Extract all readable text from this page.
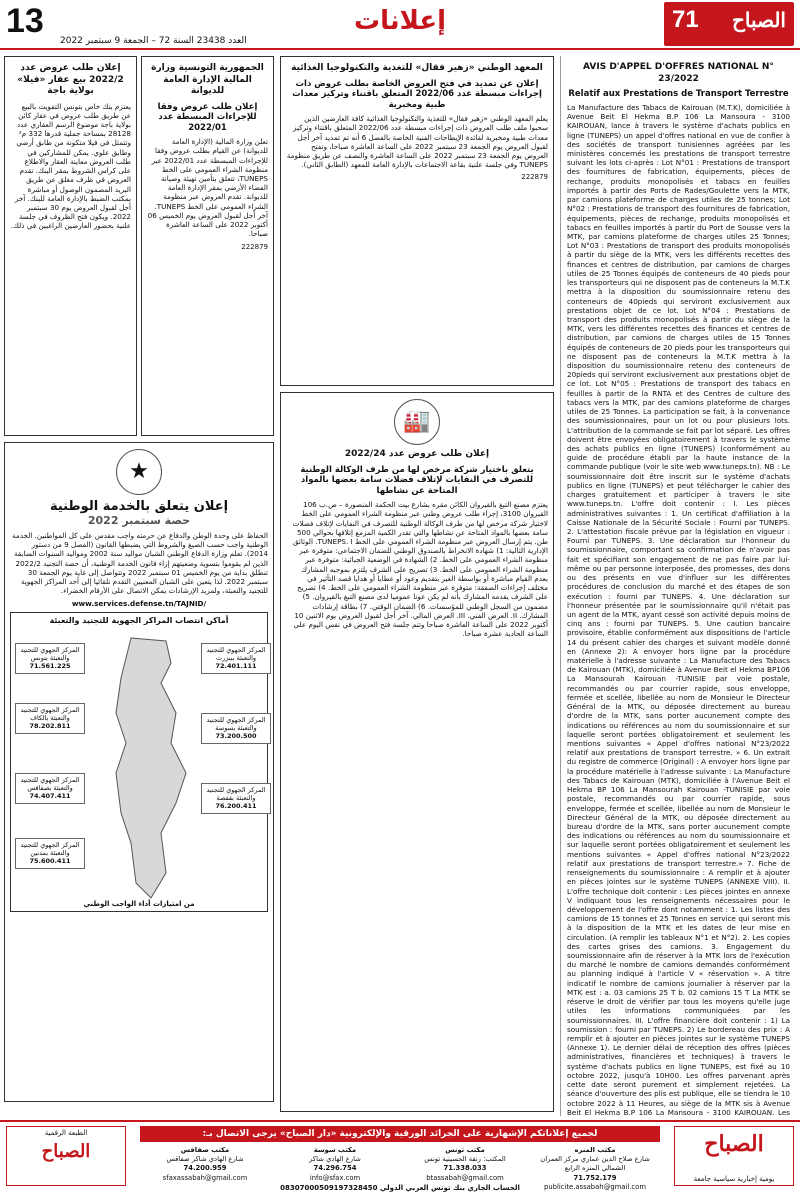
13
العدد 23438 السنة 72 – الجمعة 9 سبتمبر 2022
إعلانات	71 الصباح
AVIS D'APPEL D'OFFRES NATIONAL N° 23/2022
Relatif aux Prestations de Transport Terrestre

La Manufacture des Tabacs de Kairouan (M.T.K), domiciliée à Avenue Beit El Hekma B.P 106 La Mansoura - 3100 KAIROUAN, lance à travers le système d'achats publics en ligne (TUNEPS) un appel d'offres national en vue de confier à des sociétés de transport tunisiennes agréées par les ministères concernés les prestations de transport terrestre suivant les lots ci-après : Lot N°01 : Prestations de transport des fournitures de fabrication, équipements, pièces de rechange, produits monopolisés et tabacs en feuilles importés à partir des Ports de Rades/Goulette vers la MTK, par camions plateforme de charges utiles de 25 tonnes; Lot N°02 : Prestations de transport des fournitures de fabrication, équipements, pièces de rechange, produits monopolisés et tabacs en feuilles importés à partir du Port de Sousse vers la MTK, par camions plateforme de charges utiles 25 Tonnes; Lot N°03 : Prestations de transport des produits monopolisés à partir du siège de la MTK, vers les différents recettes des finances et centres de distribution, par camions de charges utiles de 25 Tonnes équipés de conteneurs de 40 pieds pour les transporteurs qui ne disposent pas de conteneurs la M.T.K mettra à la disposition du soumissionnaire retenu des conteneurs de 40pieds qui serviront exclusivement aux prestations objet de ce lot. Lot N°04 : Prestations de transport des produits monopolisés à partir du siège de la MTK, vers les différentes recettes des finances et centres de distribution, par camions de charges utiles de 15 Tonnes équipés de conteneurs de 20 pieds pour les transporteurs qui ne disposent pas de conteneurs la M.T.K mettra à la disposition du soumissionnaire retenu des conteneurs de 20pieds qui serviront exclusivement aux prestations objet de ce lot. Lot N°05 : Prestations de transport des tabacs en feuilles à partir de la RNTA et des Centres de culture des tabacs vers la MTK, par des camions plateforme de charges utiles de 25 Tonnes. La participation se fait, à la convenance des soumissionnaires, pour un lot ou pour plusieurs lots. L'attribution de la commande se fait par lot séparé. Les offres doivent être envoyées obligatoirement à travers le système des achats publics en ligne (TUNEPS) (conformément au guide de procédure établi par la haute instance de la commande publique (voir le site web www.tuneps.tn). NB : Le soumissionnaire doit être inscrit sur le système d'achats publics en ligne (TUNEPS) et peut télécharger le cahier des charges gratuitement et participer à travers le site www.tuneps.tn. L'offre doit contenir : I. Les pièces administratives suivantes : 1. Un certificat d'affiliation à la Caisse Nationale de la Sécurité Sociale : Fourni par TUNEPS. 2. L'attestation fiscale prévue par la législation en vigueur : Fourni par TUNEPS. 3. Une déclaration sur l'honneur du soumissionnaire, comportant sa confirmation de n'avoir pas fait et spécifiant son engagement de ne pas faire par lui-même ou par personne interposée, des promesses, des dons ou des présents en vue d'influer sur les différentes procédures de conclusion du marché et des étapes de son exécution : fourni par TUNEPS. 4. Une déclaration sur l'honneur présentée par le soumissionnaire qu'il n'était pas un agent de la MTK, ayant cessé son activité depuis moins de cinq ans : fourni par TUNEPS. 5. Une caution bancaire provisoire, établie conformément aux dispositions de l'article 14 du présent cahier des charges et suivant modèle donné en (Annexe 2): A envoyer hors ligne par la procédure matérielle à l'adresse suivante : La Manufacture des Tabacs de Kairouan (MTK), domiciliée à Avenue Beit el Hekma BP106 La Mansourah Kairouan -TUNISIE par voie postale, recommandés ou par courrier rapide, sous enveloppe, fermée et scellée, libellée au nom de Monsieur le Directeur Général de la MTK, ou déposée directement au bureau d'ordre de la MTK, sans porter aucunement compte des indications ou références au nom du soumissionnaire et sur laquelle seront portées obligatoirement et seulement les mentions suivantes « Appel d'offres national N°23/2022 relatif aux prestations de transport terrestre. » 6. Un extrait du registre de commerce (Original) : A envoyer hors ligne par la procédure matérielle à l'adresse suivante : La Manufacture des Tabacs de Kairouan (MTK), domiciliée à l'Avenue Beit el Hekma BP 106 La Mansourah Kairouan -TUNISIE par voie postale, recommandés ou par courrier rapide, sous enveloppe, fermée et scellée, libellée au nom de Monsieur le Directeur Général de la MTK, ou déposée directement au bureau d'ordre de la MTK, sans porter aucunement compte des indications ou références au nom du soumissionnaire et sur laquelle seront portées obligatoirement et seulement les mentions suivantes « Appel d'offres national N°23/2022 relatif aux prestations de transport terrestre.» 7. Fiche de renseignements du soumissionnaire : A remplir et à ajouter en pièces jointes sur le système TUNEPS (ANNEXE VIII). II. L'offre technique doit contenir : Les pièces jointes en annexe V indiquant tous les renseignements nécessaires pour le développement de l'offre dont notamment : 1. Les listes des camions de 15 tonnes et 25 Tonnes en service qui seront mis à la disposition de la MTK et les dates de leur mise en circulation. (A remplir les tableaux N°1 et N°2). 2. Les copies des cartes grises des camions. 3. Engagement du soumissionnaire afin de réserver à la MTK lors de l'exécution du marché le nombre de camions demandés conformément au planning indiqué à l'article V « réservation ». A titre indicatif le nombre de camions journalier à réserver par la MTK est : a. 03 camions 25 T b. 02 camions 15 T La MTK se réserve le droit de vérifier par tous les moyens qu'elle juge utiles les informations communiquées par les soumissionnaires. III. L'offre financière doit contenir : 1) La soumission : fourni par TUNEPS. 2) Le bordereau des prix : A remplir et à ajouter en pièces jointes sur le système TUNEPS (Annexe 1). Le dernier délai de réception des offres (pièces administratives, financières et techniques) à travers le système d'achats publics en ligne TUNEPS, est fixé au 10 octobre 2022, jusqu'à 10H00. Les offres parvenant après cette date seront purement et simplement rejetées. La séance d'ouverture des plis est publique, elle se tiendra le 10 octobre 2022 à 11 Heures, au siège de la MTK sis à Avenue Beit El Hekma B.P 106 La Mansoura - 3100 KAIROUAN. Les

المعهد الوطني «زهير فقال» للتغذية والتكنولوجيا الغذائية
إعلان عن تمديد في فتح العروض الخاصة بطلب عروض ذات إجراءات مبسطة عدد 2022/06 المتعلق باقتناء وتركيز معدات طبية ومخبرية

يعلم المعهد الوطني «زهير فقال» للتغذية والتكنولوجيا الغذائية كافة العارضين الذين سحبوا ملف طلب العروض ذات إجراءات مبسطة عدد 2022/06 المتعلق باقتناء وتركيز معدات طبية ومخبرية لفائدة الإيطاحات الفنية الخاصة بالفصل 6 أنه تم تمديد آخر أجل لقبول العروض يوم الجمعة 23 سبتمبر 2022 على الساعة العاشرة صباحا، وتفتح العروض يوم الجمعة 23 سبتمبر 2022 على الساعة العاشرة والنصف عن طريق منظومة TUNEPS وفي جلسة علنية بقاعة الاجتماعات بالإدارة العامة للمعهد (الطابق الثاني).

222879

🏭
إعلان طلب عروض عدد 2022/24
يتعلق باختيار شركة مرخص لها من طرف الوكالة الوطنية للتصرف في النفايات لإتلاف فضلات سامة بعضها بالمواد المتاحة عن نشاطها

يعتزم مصنع التبغ بالقيروان الكائن مقره بشارع بيت الحكمة المنصورة – ص.ب 106 القيروان 3100، إجراء طلب عروض وطني عبر منظومة الشراء العمومي على الخط لاختيار شركة مرخص لها من طرف الوكالة الوطنية للتصرف في النفايات لإتلاف فضلات سامة بعضها بالمواد المتاحة عن نشاطها والتي تقدر الكمية المزمع إتلافها بحوالي 500 طن. يتم إرسال العروض عبر منظومة الشراء العمومي على الخط TUNEPS. I. الوثائق الإدارية التالية: 1) شهادة الانخراط بالصندوق الوطني للضمان الاجتماعي: متوفرة عبر منظومة الشراء العمومي على الخط. 2) الشهادة في الوضعية الجبائية: متوفرة عبر منظومة الشراء العمومي على الخط. 3) تصريح على الشرف يلتزم بموجبه المشارك بعدم القيام مباشرة أو بواسطة الغير بتقديم وعود أو عطايا أو هدايا قصد التأثير في مختلف إجراءات الصفقة: متوفرة عبر منظومة الشراء العمومي على الخط. 4) تصريح على الشرف يقدمه المشارك بأنه لم يكن عونا عموميا لدى مصنع التبغ بالقيروان. 5) مضمون من السجل الوطني للمؤسسات. 6) الضمان الوقتي. 7) بطاقة إرشادات المشارك. II. العرض الفني. III. العرض المالي. آخر أجل لقبول العروض يوم الاثنين 10 أكتوبر 2022 على الساعة العاشرة صباحا وتتم جلسة فتح العروض في نفس اليوم على الساعة الحادية عشرة صباحا.

الجمهورية التونسية وزارة المالية الإدارة العامة للديوانة
إعلان طلب عروض وفقا للإجراءات المبسطة عدد 2022/01

تعلن وزارة المالية (الإدارة العامة للديوانة) عن القيام بطلب عروض وفقا للإجراءات المبسطة عدد 2022/01 عبر منظومة الشراء العمومي على الخط TUNEPS، تتعلق بتأمين تهيئة وصيانة الفضاء الأرضي بمقر الإدارة العامة للديوانة. تقدم العروض عبر منظومة الشراء العمومي على الخط TUNEPS. آخر أجل لقبول العروض يوم الخميس 06 أكتوبر 2022 على الساعة العاشرة صباحا.

222879

إعلان طلب عروض عدد 2022/2 بيع عقار «فيلا» بولاية باجة

يعتزم بنك خاص بتونس التفويت بالبيع عن طريق طلب عروض في عقار كائن بولاية باجة موضوع الرسم العقاري عدد 28128 بمساحة جملية قدرها 332 م² وتتمثل في فيلا متكونة من طابق أرضي وطابق علوي. يمكن للمشاركين في طلب العروض معاينة العقار والاطلاع على كراس الشروط بمقر البنك. تقدم العروض في ظرف مغلق عن طريق البريد المضمون الوصول أو مباشرة بمكتب الضبط بالإدارة العامة للبنك. آخر أجل لقبول العروض يوم 30 سبتمبر 2022. ويكون فتح الظروف في جلسة علنية بحضور العارضين الراغبين في ذلك.

★
إعلان يتعلق بالخدمة الوطنية
حصة سبتمبر 2022

الحفاظ على وحدة الوطن والدفاع عن حرمته واجب مقدس على كل المواطنين. الخدمة الوطنية واجب حسب الصيغ والشروط التي يضبطها القانون (الفصل 9 من دستور 2014). تعلم وزارة الدفاع الوطني الشبان مواليد سنة 2002 ومواليد السنوات السابقة الذين لم يقوموا بتسوية وضعيتهم إزاء قانون الخدمة الوطنية، أن حصة التجنيد 2022/2 تنطلق بداية من يوم الخميس 01 سبتمبر 2022 وتتواصل إلى غاية يوم الجمعة 30 سبتمبر 2022. لذا يتعين على الشبان المعنيين التقدم تلقائيا إلى أحد المراكز الجهوية للتجنيد والتعبئة، ولمزيد الإرشادات يمكن الاتصال على الأرقام الخضراء.

www.services.defense.tn/TAJNID/

أماكن انتصاب المراكز الجهوية للتجنيد والتعبئة
المركز الجهوي للتجنيد والتعبئة بتونس
71.561.225
المركز الجهوي للتجنيد والتعبئة ببنزرت
72.401.111
المركز الجهوي للتجنيد والتعبئة بالكاف
78.202.811
المركز الجهوي للتجنيد والتعبئة بسوسة
73.200.500
المركز الجهوي للتجنيد والتعبئة بصفاقس
74.407.411
المركز الجهوي للتجنيد والتعبئة بقفصة
76.200.411
المركز الجهوي للتجنيد والتعبئة بمدنين
75.600.411
من امتيازات أداء الواجب الوطني
لجميع إعلاناتكم الإشهارية على الجرائد الورقية والإلكترونية «دار الصباح» يرجى الاتصال بـ:	الصباح
يومية إخبارية سياسية جامعة
الطبعة الرقمية
الصباح	مكتب المنزه
شارع صلاح الدين عماري مركز العمران الشمالي المنزه الرابع
71.752.179
publicite.assabah@gmail.com
مكتب تونس
المكتب: زنقة الحسينية تونس
71.338.033
btassabah@gmail.com
مكتب سوسة
شارع الهادي شاكر
74.296.754
info@sfax.com
مكتب صفاقس
شارع الهادي شاكر صفاقس
74.200.959
sfaxassabah@gmail.com
الحساب الجاري بنك تونس العربي الدولي 08307000509197328450
